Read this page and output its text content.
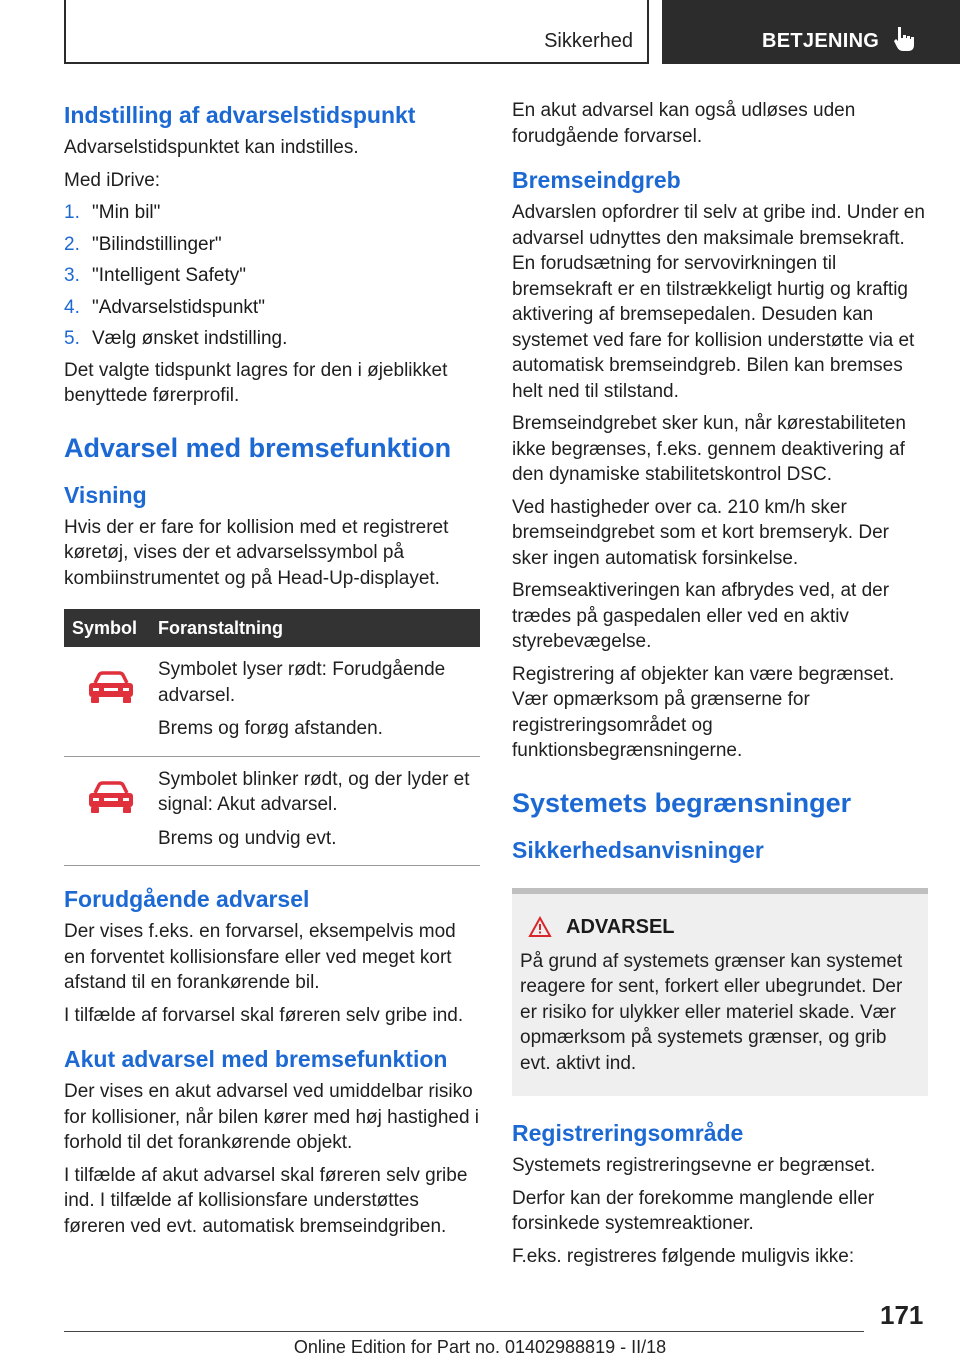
Sikkerhed	BETJENING
Indstilling af advarselstidspunkt

Advarselstidspunktet kan indstilles.

Med iDrive:

1. "Min bil"
2. "Bilindstillinger"
3. "Intelligent Safety"
4. "Advarselstidspunkt"
5. Vælg ønsket indstilling.

Det valgte tidspunkt lagres for den i øjeblikket benyttede førerprofil.

Advarsel med bremsefunktion
Visning

Hvis der er fare for kollision med et registreret køretøj, vises der et advarselssymbol på kombiinstrumentet og på Head-Up-displayet.

Symbol	Foranstaltning

Symbolet lyser rødt: Forudgående advarsel.

Brems og forøg afstanden.

Symbolet blinker rødt, og der lyder et signal: Akut advarsel.

Brems og undvig evt.

Forudgående advarsel

Der vises f.eks. en forvarsel, eksempelvis mod en forventet kollisionsfare eller ved meget kort afstand til en forankørende bil.

I tilfælde af forvarsel skal føreren selv gribe ind.

Akut advarsel med bremsefunktion

Der vises en akut advarsel ved umiddelbar risiko for kollisioner, når bilen kører med høj hastighed i forhold til det forankørende objekt.

I tilfælde af akut advarsel skal føreren selv gribe ind. I tilfælde af kollisionsfare understøttes føreren ved evt. automatisk bremseindgriben.

En akut advarsel kan også udløses uden forudgående forvarsel.

Bremseindgreb

Advarslen opfordrer til selv at gribe ind. Under en advarsel udnyttes den maksimale bremsekraft. En forudsætning for servovirkningen til bremsekraft er en tilstrækkeligt hurtig og kraftig aktivering af bremsepedalen. Desuden kan systemet ved fare for kollision understøtte via et automatisk bremseindgreb. Bilen kan bremses helt ned til stilstand.

Bremseindgrebet sker kun, når kørestabiliteten ikke begrænses, f.eks. gennem deaktivering af den dynamiske stabilitetskontrol DSC.

Ved hastigheder over ca. 210 km/h sker bremseindgrebet som et kort bremseryk. Der sker ingen automatisk forsinkelse.

Bremseaktiveringen kan afbrydes ved, at der trædes på gaspedalen eller ved en aktiv styrebevægelse.

Registrering af objekter kan være begrænset. Vær opmærksom på grænserne for registreringsområdet og funktionsbegrænsningerne.

Systemets begrænsninger
Sikkerhedsanvisninger
ADVARSEL

På grund af systemets grænser kan systemet reagere for sent, forkert eller ubegrundet. Der er risiko for ulykker eller materiel skade. Vær opmærksom på systemets grænser, og grib evt. aktivt ind.

Registreringsområde

Systemets registreringsevne er begrænset.

Derfor kan der forekomme manglende eller forsinkede systemreaktioner.

F.eks. registreres følgende muligvis ikke:

171
Online Edition for Part no. 01402988819 - II/18
